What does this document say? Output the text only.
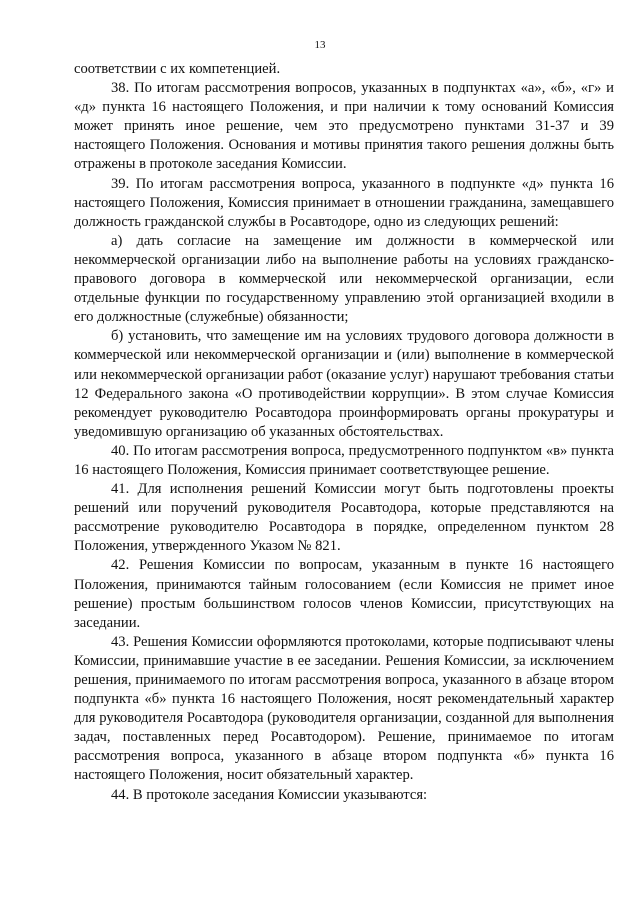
13

соответствии с их компетенцией.

38. По итогам рассмотрения вопросов, указанных в подпунктах «а», «б», «г» и «д» пункта 16 настоящего Положения, и при наличии к тому оснований Комиссия может принять иное решение, чем это предусмотрено пунктами 31-37 и 39 настоящего Положения. Основания и мотивы принятия такого решения должны быть отражены в протоколе заседания Комиссии.

39. По итогам рассмотрения вопроса, указанного в подпункте «д» пункта 16 настоящего Положения, Комиссия принимает в отношении гражданина, замещавшего должность гражданской службы в Росавтодоре, одно из следующих решений:

а) дать согласие на замещение им должности в коммерческой или некоммерческой организации либо на выполнение работы на условиях гражданско-правового договора в коммерческой или некоммерческой организации, если отдельные функции по государственному управлению этой организацией входили в его должностные (служебные) обязанности;

б) установить, что замещение им на условиях трудового договора должности в коммерческой или некоммерческой организации и (или) выполнение в коммерческой или некоммерческой организации работ (оказание услуг) нарушают требования статьи 12 Федерального закона «О противодействии коррупции». В этом случае Комиссия рекомендует руководителю Росавтодора проинформировать органы прокуратуры и уведомившую организацию об указанных обстоятельствах.

40. По итогам рассмотрения вопроса, предусмотренного подпунктом «в» пункта 16 настоящего Положения, Комиссия принимает соответствующее решение.

41. Для исполнения решений Комиссии могут быть подготовлены проекты решений или поручений руководителя Росавтодора, которые представляются на рассмотрение руководителю Росавтодора в порядке, определенном пунктом 28 Положения, утвержденного Указом № 821.

42. Решения Комиссии по вопросам, указанным в пункте 16 настоящего Положения, принимаются тайным голосованием (если Комиссия не примет иное решение) простым большинством голосов членов Комиссии, присутствующих на заседании.

43. Решения Комиссии оформляются протоколами, которые подписывают члены Комиссии, принимавшие участие в ее заседании. Решения Комиссии, за исключением решения, принимаемого по итогам рассмотрения вопроса, указанного в абзаце втором подпункта «б» пункта 16 настоящего Положения, носят рекомендательный характер для руководителя Росавтодора (руководителя организации, созданной для выполнения задач, поставленных перед Росавтодором). Решение, принимаемое по итогам рассмотрения вопроса, указанного в абзаце втором подпункта «б» пункта 16 настоящего Положения, носит обязательный характер.

44. В протоколе заседания Комиссии указываются:
